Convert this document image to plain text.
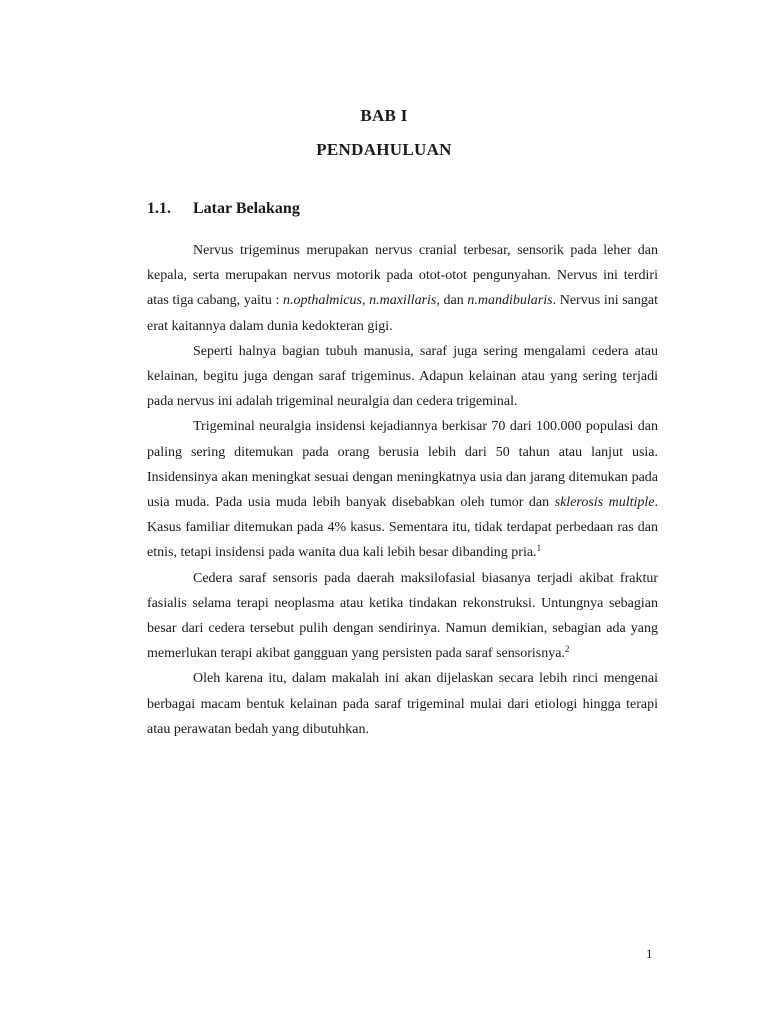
BAB I
PENDAHULUAN
1.1. Latar Belakang

Nervus trigeminus merupakan nervus cranial terbesar, sensorik pada leher dan kepala, serta merupakan nervus motorik pada otot-otot pengunyahan. Nervus ini terdiri atas tiga cabang, yaitu : n.opthalmicus, n.maxillaris, dan n.mandibularis. Nervus ini sangat erat kaitannya dalam dunia kedokteran gigi.

Seperti halnya bagian tubuh manusia, saraf juga sering mengalami cedera atau kelainan, begitu juga dengan saraf trigeminus. Adapun kelainan atau yang sering terjadi pada nervus ini adalah trigeminal neuralgia dan cedera trigeminal.

Trigeminal neuralgia insidensi kejadiannya berkisar 70 dari 100.000 populasi dan paling sering ditemukan pada orang berusia lebih dari 50 tahun atau lanjut usia. Insidensinya akan meningkat sesuai dengan meningkatnya usia dan jarang ditemukan pada usia muda. Pada usia muda lebih banyak disebabkan oleh tumor dan sklerosis multiple. Kasus familiar ditemukan pada 4% kasus. Sementara itu, tidak terdapat perbedaan ras dan etnis, tetapi insidensi pada wanita dua kali lebih besar dibanding pria.$^1$

Cedera saraf sensoris pada daerah maksilofasial biasanya terjadi akibat fraktur fasialis selama terapi neoplasma atau ketika tindakan rekonstruksi. Untungnya sebagian besar dari cedera tersebut pulih dengan sendirinya. Namun demikian, sebagian ada yang memerlukan terapi akibat gangguan yang persisten pada saraf sensorisnya.$^2$

Oleh karena itu, dalam makalah ini akan dijelaskan secara lebih rinci mengenai berbagai macam bentuk kelainan pada saraf trigeminal mulai dari etiologi hingga terapi atau perawatan bedah yang dibutuhkan.

1
